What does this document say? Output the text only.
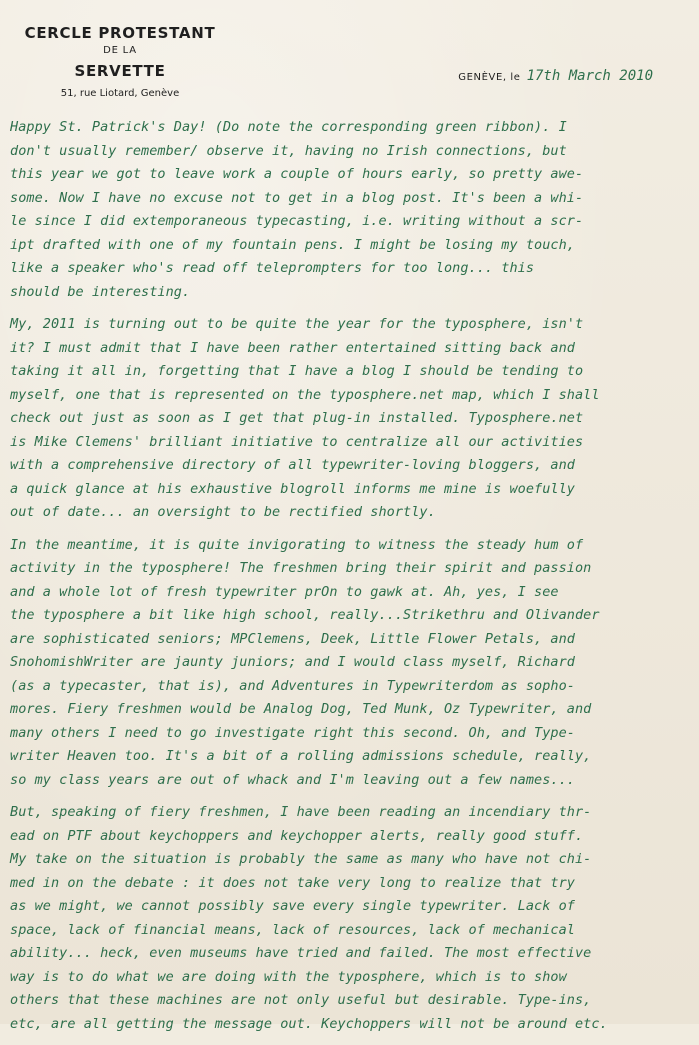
CERCLE PROTESTANT
DE LA
SERVETTE
51, rue Liotard, Genève
GENÈVE, le 17th March 2010

Happy St. Patrick's Day! (Do note the corresponding green ribbon). I
don't usually remember/ observe it, having no Irish connections, but
this year we got to leave work a couple of hours early, so pretty awe-
some. Now I have no excuse not to get in a blog post. It's been a whi-
le since I did extemporaneous typecasting, i.e. writing without a scr-
ipt drafted with one of my fountain pens. I might be losing my touch,
like a speaker who's read off teleprompters for too long... this
should be interesting.

My, 2011 is turning out to be quite the year for the typosphere, isn't
it? I must admit that I have been rather entertained sitting back and
taking it all in, forgetting that I have a blog I should be tending to
myself, one that is represented on the typosphere.net map, which I shall
check out just as soon as I get that plug-in installed. Typosphere.net
is Mike Clemens' brilliant initiative to centralize all our activities
with a comprehensive directory of all typewriter-loving bloggers, and
a quick glance at his exhaustive blogroll informs me mine is woefully
out of date... an oversight to be rectified shortly.

In the meantime, it is quite invigorating to witness the steady hum of
activity in the typosphere! The freshmen bring their spirit and passion
and a whole lot of fresh typewriter prOn to gawk at. Ah, yes, I see
the typosphere a bit like high school, really...Strikethru and Olivander
are sophisticated seniors; MPClemens, Deek, Little Flower Petals, and
SnohomishWriter are jaunty juniors; and I would class myself, Richard
(as a typecaster, that is), and Adventures in Typewriterdom as sopho-
mores. Fiery freshmen would be Analog Dog, Ted Munk, Oz Typewriter, and
many others I need to go investigate right this second. Oh, and Type-
writer Heaven too. It's a bit of a rolling admissions schedule, really,
so my class years are out of whack and I'm leaving out a few names...

But, speaking of fiery freshmen, I have been reading an incendiary thr-
ead on PTF about keychoppers and keychopper alerts, really good stuff.
My take on the situation is probably the same as many who have not chi-
med in on the debate : it does not take very long to realize that try
as we might, we cannot possibly save every single typewriter. Lack of
space, lack of financial means, lack of resources, lack of mechanical
ability... heck, even museums have tried and failed. The most effective
way is to do what we are doing with the typosphere, which is to show
others that these machines are not only useful but desirable. Type-ins,
etc, are all getting the message out. Keychoppers will not be around etc.
